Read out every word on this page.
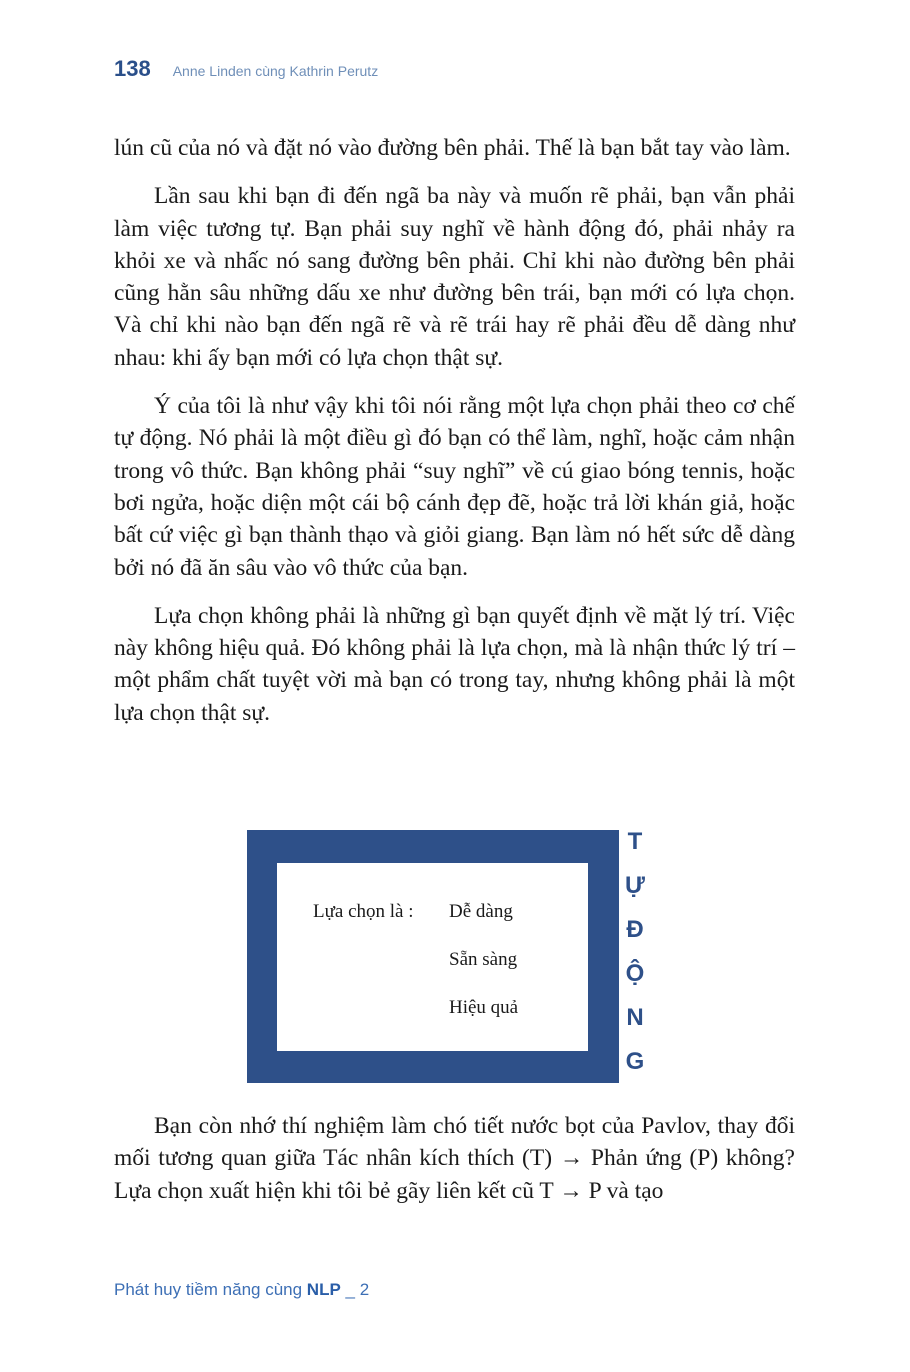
138 Anne Linden cùng Kathrin Perutz

lún cũ của nó và đặt nó vào đường bên phải. Thế là bạn bắt tay vào làm.

Lần sau khi bạn đi đến ngã ba này và muốn rẽ phải, bạn vẫn phải làm việc tương tự. Bạn phải suy nghĩ về hành động đó, phải nhảy ra khỏi xe và nhấc nó sang đường bên phải. Chỉ khi nào đường bên phải cũng hằn sâu những dấu xe như đường bên trái, bạn mới có lựa chọn. Và chỉ khi nào bạn đến ngã rẽ và rẽ trái hay rẽ phải đều dễ dàng như nhau: khi ấy bạn mới có lựa chọn thật sự.

Ý của tôi là như vậy khi tôi nói rằng một lựa chọn phải theo cơ chế tự động. Nó phải là một điều gì đó bạn có thể làm, nghĩ, hoặc cảm nhận trong vô thức. Bạn không phải “suy nghĩ” về cú giao bóng tennis, hoặc bơi ngửa, hoặc diện một cái bộ cánh đẹp đẽ, hoặc trả lời khán giả, hoặc bất cứ việc gì bạn thành thạo và giỏi giang. Bạn làm nó hết sức dễ dàng bởi nó đã ăn sâu vào vô thức của bạn.

Lựa chọn không phải là những gì bạn quyết định về mặt lý trí. Việc này không hiệu quả. Đó không phải là lựa chọn, mà là nhận thức lý trí – một phẩm chất tuyệt vời mà bạn có trong tay, nhưng không phải là một lựa chọn thật sự.

Lựa chọn là : Dễ dàng
Sẵn sàng
Hiệu quả
T
Ự
Đ
Ộ
N
G

Bạn còn nhớ thí nghiệm làm chó tiết nước bọt của Pavlov, thay đổi mối tương quan giữa Tác nhân kích thích (T) → Phản ứng (P) không? Lựa chọn xuất hiện khi tôi bẻ gãy liên kết cũ T → P và tạo

Phát huy tiềm năng cùng NLP _ 2
